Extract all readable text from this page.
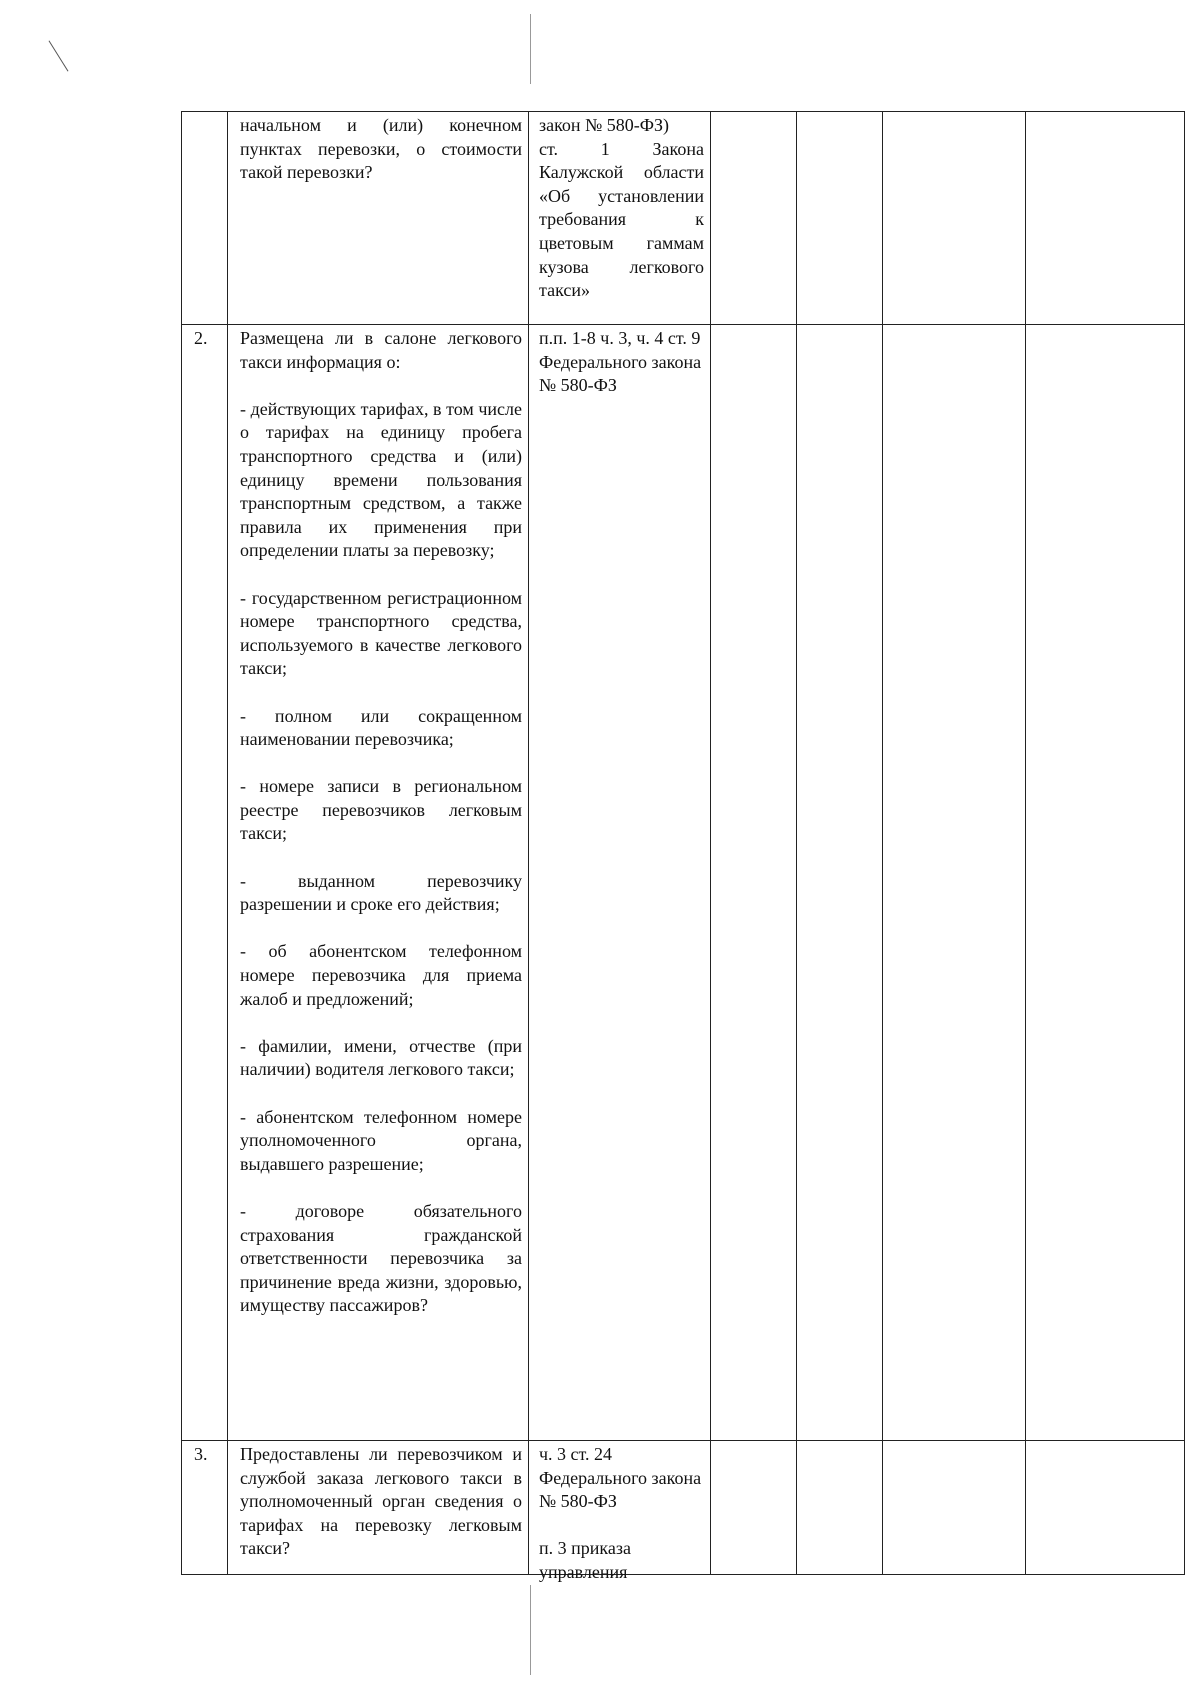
начальном и (или) конечном пунктах перевозки, о стоимости такой перевозки?
закон № 580-ФЗ)
ст. 1 Закона Калужской области «Об установлении требования к цветовым гаммам кузова легкового такси»
2.	Размещена ли в салоне легкового такси информация о:
- действующих тарифах, в том числе о тарифах на единицу пробега транспортного средства и (или) единицу времени пользования транспортным средством, а также правила их применения при определении платы за перевозку;
- государственном регистрационном номере транспортного средства, используемого в качестве легкового такси;
- полном или сокращенном наименовании перевозчика;
- номере записи в региональном реестре перевозчиков легковым такси;
- выданном перевозчику разрешении и сроке его действия;
- об абонентском телефонном номере перевозчика для приема жалоб и предложений;
- фамилии, имени, отчестве (при наличии) водителя легкового такси;
- абонентском телефонном номере уполномоченного органа, выдавшего разрешение;
- договоре обязательного страхования гражданской ответственности перевозчика за причинение вреда жизни, здоровью, имуществу пассажиров?
п.п. 1-8 ч. 3, ч. 4 ст. 9 Федерального закона № 580-ФЗ
3.	Предоставлены ли перевозчиком и службой заказа легкового такси в уполномоченный орган сведения о тарифах на перевозку легковым такси?
ч. 3 ст. 24 Федерального закона № 580-ФЗ
п. 3 приказа управления
